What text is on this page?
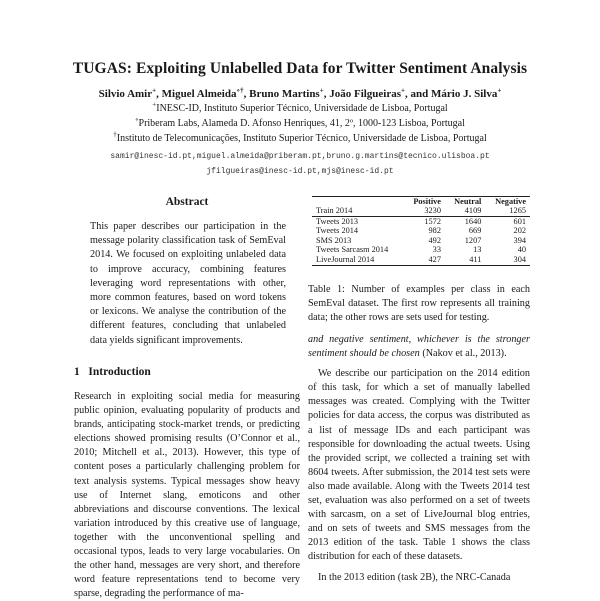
TUGAS: Exploiting Unlabelled Data for Twitter Sentiment Analysis
Silvio Amir+, Miguel Almeida∘†, Bruno Martins+, João Filgueiras+, and Mário J. Silva+
+INESC-ID, Instituto Superior Técnico, Universidade de Lisboa, Portugal
∘Priberam Labs, Alameda D. Afonso Henriques, 41, 2º, 1000-123 Lisboa, Portugal
†Instituto de Telecomunicações, Instituto Superior Técnico, Universidade de Lisboa, Portugal
samir@inesc-id.pt,miguel.almeida@priberam.pt,bruno.g.martins@tecnico.ulisboa.pt
jfilgueiras@inesc-id.pt,mjs@inesc-id.pt
Abstract
This paper describes our participation in the message polarity classification task of SemEval 2014. We focused on exploiting unlabeled data to improve accuracy, combining features leveraging word representations with other, more common features, based on word tokens or lexicons. We analyse the contribution of the different features, concluding that unlabeled data yields significant improvements.
1   Introduction
Research in exploiting social media for measuring public opinion, evaluating popularity of products and brands, anticipating stock-market trends, or predicting elections showed promising results (O’Connor et al., 2010; Mitchell et al., 2013). However, this type of content poses a particularly challenging problem for text analysis systems. Typical messages show heavy use of Internet slang, emoticons and other abbreviations and discourse conventions. The lexical variation introduced by this creative use of language, together with the unconventional spelling and occasional typos, leads to very large vocabularies. On the other hand, messages are very short, and therefore word feature representations tend to become very sparse, degrading the performance of ma-
	Positive	Neutral	Negative
Train 2014	3230	4109	1265
Tweets 2013	1572	1640	601
Tweets 2014	982	669	202
SMS 2013	492	1207	394
Tweets Sarcasm 2014	33	13	40
LiveJournal 2014	427	411	304
Table 1: Number of examples per class in each SemEval dataset. The first row represents all training data; the other rows are sets used for testing.

and negative sentiment, whichever is the stronger sentiment should be chosen (Nakov et al., 2013).

We describe our participation on the 2014 edition of this task, for which a set of manually labelled messages was created. Complying with the Twitter policies for data access, the corpus was distributed as a list of message IDs and each participant was responsible for downloading the actual tweets. Using the provided script, we collected a training set with 8604 tweets. After submission, the 2014 test sets were also made available. Along with the Tweets 2014 test set, evaluation was also performed on a set of tweets with sarcasm, on a set of LiveJournal blog entries, and on sets of tweets and SMS messages from the 2013 edition of the task. Table 1 shows the class distribution for each of these datasets.

In the 2013 edition (task 2B), the NRC-Canada
